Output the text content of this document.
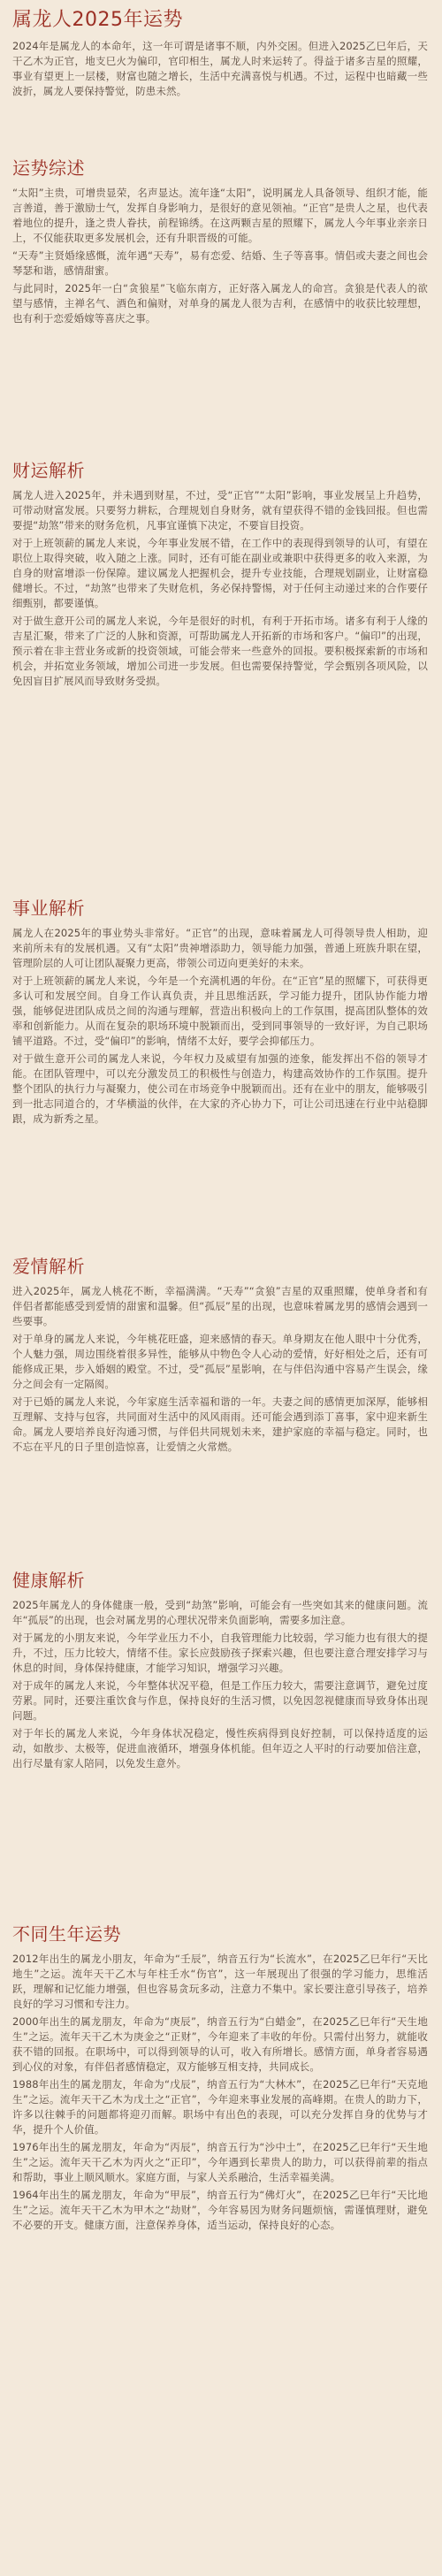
属龙人2025年运势

2024年是属龙人的本命年，这一年可谓是诸事不顺，内外交困。但进入2025乙巳年后，天干乙木为正官，地支巳火为偏印，官印相生，属龙人时来运转了。得益于诸多吉星的照耀，事业有望更上一层楼，财富也随之增长，生活中充满喜悦与机遇。不过，运程中也暗藏一些波折，属龙人要保持警觉，防患未然。

运势综述

“太阳”主贵，可增贵显荣，名声显达。流年逢“太阳”，说明属龙人具备领导、组织才能，能言善道，善于激励士气，发挥自身影响力，是很好的意见领袖。“正官”是贵人之星，也代表着地位的提升，逢之贵人眷扶，前程锦绣。在这两颗吉星的照耀下，属龙人今年事业亲亲日上，不仅能获取更多发展机会，还有升职晋级的可能。

“天寿”主贤婚缘感慨，流年遇“天寿”，易有恋爱、结婚、生子等喜事。情侣或夫妻之间也会琴瑟和谐，感情甜蜜。

与此同时，2025年一白“贪狼星”飞临东南方，正好落入属龙人的命宫。贪狼是代表人的欲望与感情，主禅名气、酒色和偏财，对单身的属龙人很为吉利，在感情中的收获比较理想，也有利于恋爱婚嫁等喜庆之事。

财运解析

属龙人进入2025年，并未遇到财星，不过，受“正官”“太阳”影响，事业发展呈上升趋势，可带动财富发展。只要努力耕耘，合理规划自身财务，就有望获得不错的金钱回报。但也需要提“劫煞”带来的财务危机，凡事宜谨慎下决定，不要盲目投资。

对于上班领薪的属龙人来说，今年事业发展不错，在工作中的表现得到领导的认可，有望在职位上取得突破，收入随之上涨。同时，还有可能在副业或兼职中获得更多的收入来源，为自身的财富增添一份保障。建议属龙人把握机会，提升专业技能，合理规划副业，让财富稳健增长。不过，“劫煞”也带来了失财危机，务必保持警惕，对于任何主动递过来的合作要仔细甄别，都要谨慎。

对于做生意开公司的属龙人来说，今年是很好的时机，有利于开拓市场。诸多有利于人缘的吉星汇聚，带来了广泛的人脉和资源，可帮助属龙人开拓新的市场和客户。“偏印”的出现，预示着在非主营业务或新的投资领域，可能会带来一些意外的回报。要积极探索新的市场和机会，并拓宽业务领域，增加公司进一步发展。但也需要保持警觉，学会甄别各项风险，以免因盲目扩展风而导致财务受损。

事业解析

属龙人在2025年的事业势头非常好。“正官”的出现，意味着属龙人可得领导贵人相助，迎来前所未有的发展机遇。又有“太阳”贵神增添助力，领导能力加强，普通上班族升职在望，管理阶层的人可让团队凝聚力更高，带领公司迈向更美好的未来。

对于上班领薪的属龙人来说，今年是一个充满机遇的年份。在“正官”星的照耀下，可获得更多认可和发展空间。自身工作认真负责，并且思维活跃，学习能力提升，团队协作能力增强，能够促进团队成员之间的沟通与理解，营造出积极向上的工作氛围，提高团队整体的效率和创新能力。从而在复杂的职场环境中脱颖而出，受到同事领导的一致好评，为自己职场铺平道路。不过，受“偏印”的影响，情绪不太好，要学会抑郁压力。

对于做生意开公司的属龙人来说，今年权力及威望有加强的迹象，能发挥出不俗的领导才能。在团队管理中，可以充分激发员工的积极性与创造力，构建高效协作的工作氛围。提升整个团队的执行力与凝聚力，使公司在市场竞争中脱颖而出。还有在业中的朋友，能够吸引到一批志同道合的，才华横溢的伙伴，在大家的齐心协力下，可让公司迅速在行业中站稳脚跟，成为新秀之星。

爱情解析

进入2025年，属龙人桃花不断，幸福满满。“天寿”“贪狼”吉星的双重照耀，使单身者和有伴侣者都能感受到爱情的甜蜜和温馨。但“孤辰”星的出现，也意味着属龙男的感情会遇到一些要事。

对于单身的属龙人来说，今年桃花旺盛，迎来感情的春天。单身期友在他人眼中十分优秀，个人魅力强，周边围绕着很多异性，能够从中物色令人心动的爱情，好好相处之后，还有可能修成正果，步入婚姻的殿堂。不过，受“孤辰”星影响，在与伴侣沟通中容易产生误会，缘分之间会有一定隔阂。

对于已婚的属龙人来说，今年家庭生活幸福和谐的一年。夫妻之间的感情更加深厚，能够相互理解、支持与包容，共同面对生活中的风风雨雨。还可能会遇到添丁喜事，家中迎来新生命。属龙人要培养良好沟通习惯，与伴侣共同规划未来，建护家庭的幸福与稳定。同时，也不忘在平凡的日子里创造惊喜，让爱情之火常燃。

健康解析

2025年属龙人的身体健康一般，受到“劫煞”影响，可能会有一些突如其来的健康问题。流年“孤辰”的出现，也会对属龙男的心理状况带来负面影响，需要多加注意。

对于属龙的小朋友来说，今年学业压力不小，自我管理能力比较弱，学习能力也有很大的提升，不过，压力比较大，情绪不佳。家长应鼓励孩子探索兴趣，但也要注意合理安排学习与休息的时间，身体保持健康，才能学习知识，增强学习兴趣。

对于成年的属龙人来说，今年整体状况平稳，但是工作压力较大，需要注意调节，避免过度劳累。同时，还要注重饮食与作息，保持良好的生活习惯，以免因忽视健康而导致身体出现问题。

对于年长的属龙人来说，今年身体状况稳定，慢性疾病得到良好控制，可以保持适度的运动，如散步、太极等，促进血液循环，增强身体机能。但年迈之人平时的行动要加倍注意，出行尽量有家人陪同，以免发生意外。

不同生年运势

2012年出生的属龙小朋友，年命为“壬辰”，纳音五行为“长流水”，在2025乙巳年行“天比地生”之运。流年天干乙木与年柱壬水“伤官”，这一年展现出了很强的学习能力，思维活跃，理解和记忆能力增强，但也容易贪玩多动，注意力不集中。家长要注意引导孩子，培养良好的学习习惯和专注力。

2000年出生的属龙朋友，年命为“庚辰”，纳音五行为“白蜡金”，在2025乙巳年行“天生地生”之运。流年天干乙木为庚金之“正财”，今年迎来了丰收的年份。只需付出努力，就能收获不错的回报。在职场中，可以得到领导的认可，收入有所增长。感情方面，单身者容易遇到心仪的对象，有伴侣者感情稳定，双方能够互相支持，共同成长。

1988年出生的属龙朋友，年命为“戊辰”，纳音五行为“大林木”，在2025乙巳年行“天克地生”之运。流年天干乙木为戊土之“正官”，今年迎来事业发展的高峰期。在贵人的助力下，许多以往棘手的问题都将迎刃而解。职场中有出色的表现，可以充分发挥自身的优势与才华，提升个人价值。

1976年出生的属龙朋友，年命为“丙辰”，纳音五行为“沙中土”，在2025乙巳年行“天生地生”之运。流年天干乙木为丙火之“正印”，今年遇到长辈贵人的助力，可以获得前辈的指点和帮助，事业上顺风顺水。家庭方面，与家人关系融洽，生活幸福美满。

1964年出生的属龙朋友，年命为“甲辰”，纳音五行为“佛灯火”，在2025乙巳年行“天比地生”之运。流年天干乙木为甲木之“劫财”，今年容易因为财务问题烦恼，需谨慎理财，避免不必要的开支。健康方面，注意保养身体，适当运动，保持良好的心态。
